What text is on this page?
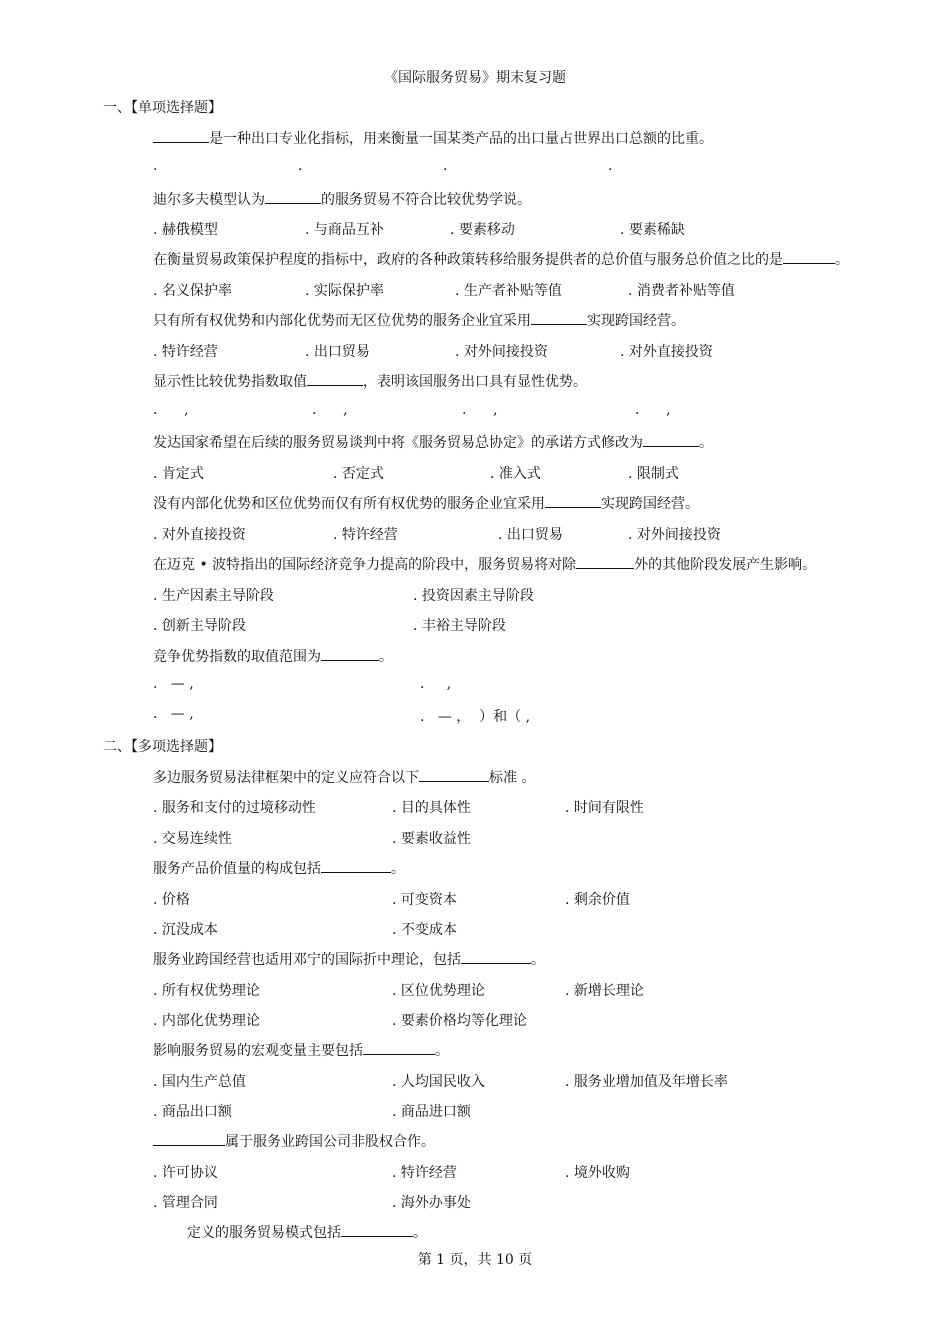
《国际服务贸易》期末复习题
一、【单项选择题】
是一种出口专业化指标，用来衡量一国某类产品的出口量占世界出口总额的比重。
.	.	.	.
迪尔多夫模型认为	的服务贸易不符合比较优势学说。
. 赫俄模型	. 与商品互补	. 要素移动	. 要素稀缺
在衡量贸易政策保护程度的指标中，政府的各种政策转移给服务提供者的总价值与服务总价值之比的是	。
. 名义保护率	. 实际保护率	. 生产者补贴等值	. 消费者补贴等值
只有所有权优势和内部化优势而无区位优势的服务企业宜采用	实现跨国经营。
. 特许经营	. 出口贸易	. 对外间接投资	. 对外直接投资
显示性比较优势指数取值	，表明该国服务出口具有显性优势。
.      ,	.      ,	.      ,	.      ,
发达国家希望在后续的服务贸易谈判中将《服务贸易总协定》的承诺方式修改为	。
. 肯定式	. 否定式	. 准入式	. 限制式
没有内部化优势和区位优势而仅有所有权优势的服务企业宜采用	实现跨国经营。
. 对外直接投资	. 特许经营	. 出口贸易	. 对外间接投资
在迈克 • 波特指出的国际经济竞争力提高的阶段中，服务贸易将对除	外的其他阶段发展产生影响。
. 生产因素主导阶段	. 投资因素主导阶段
. 创新主导阶段	. 丰裕主导阶段
竞争优势指数的取值范围为	。
.   — ,	.     ,
.   — ,	.   — ，  ）和（ ,
二、【多项选择题】
多边服务贸易法律框架中的定义应符合以下	标准 。
. 服务和支付的过境移动性	. 目的具体性	. 时间有限性
. 交易连续性	. 要素收益性
服务产品价值量的构成包括	。
. 价格	. 可变资本	. 剩余价值
. 沉没成本	. 不变成本
服务业跨国经营也适用邓宁的国际折中理论，包括	。
. 所有权优势理论	. 区位优势理论	. 新增长理论
. 内部化优势理论	. 要素价格均等化理论
影响服务贸易的宏观变量主要包括	。
. 国内生产总值	. 人均国民收入	. 服务业增加值及年增长率
. 商品出口额	. 商品进口额
属于服务业跨国公司非股权合作。
. 许可协议	. 特许经营	. 境外收购
. 管理合同	. 海外办事处
定义的服务贸易模式包括	。
第 1 页，共 10 页
